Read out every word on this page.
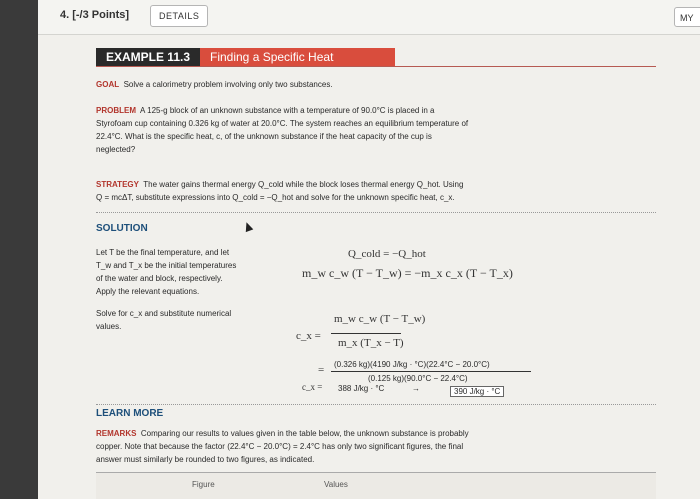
4. [-/3 Points]	DETAILS	MY
EXAMPLE 11.3	Finding a Specific Heat
GOAL Solve a calorimetry problem involving only two substances.
PROBLEM A 125-g block of an unknown substance with a temperature of 90.0°C is placed in a
Styrofoam cup containing 0.326 kg of water at 20.0°C. The system reaches an equilibrium temperature of
22.4°C. What is the specific heat, c, of the unknown substance if the heat capacity of the cup is
neglected?
STRATEGY The water gains thermal energy Q_cold while the block loses thermal energy Q_hot. Using
Q = mcΔT, substitute expressions into Q_cold = −Q_hot and solve for the unknown specific heat, c_x.
SOLUTION
Let T be the final temperature, and let
T_w and T_x be the initial temperatures
of the water and block, respectively.
Apply the relevant equations.
Q_cold = −Q_hot
m_w c_w (T − T_w) = −m_x c_x (T − T_x)
Solve for c_x and substitute numerical
values.
c_x =
m_w c_w (T − T_w)
m_x (T_x − T)
= (0.326 kg)(4190 J/kg · °C)(22.4°C − 20.0°C)
(0.125 kg)(90.0°C − 22.4°C)
c_x = 388 J/kg · °C	→	390 J/kg · °C
LEARN MORE
REMARKS Comparing our results to values given in the table below, the unknown substance is probably
copper. Note that because the factor (22.4°C − 20.0°C) = 2.4°C has only two significant figures, the final
answer must similarly be rounded to two figures, as indicated.
Figure	Values
